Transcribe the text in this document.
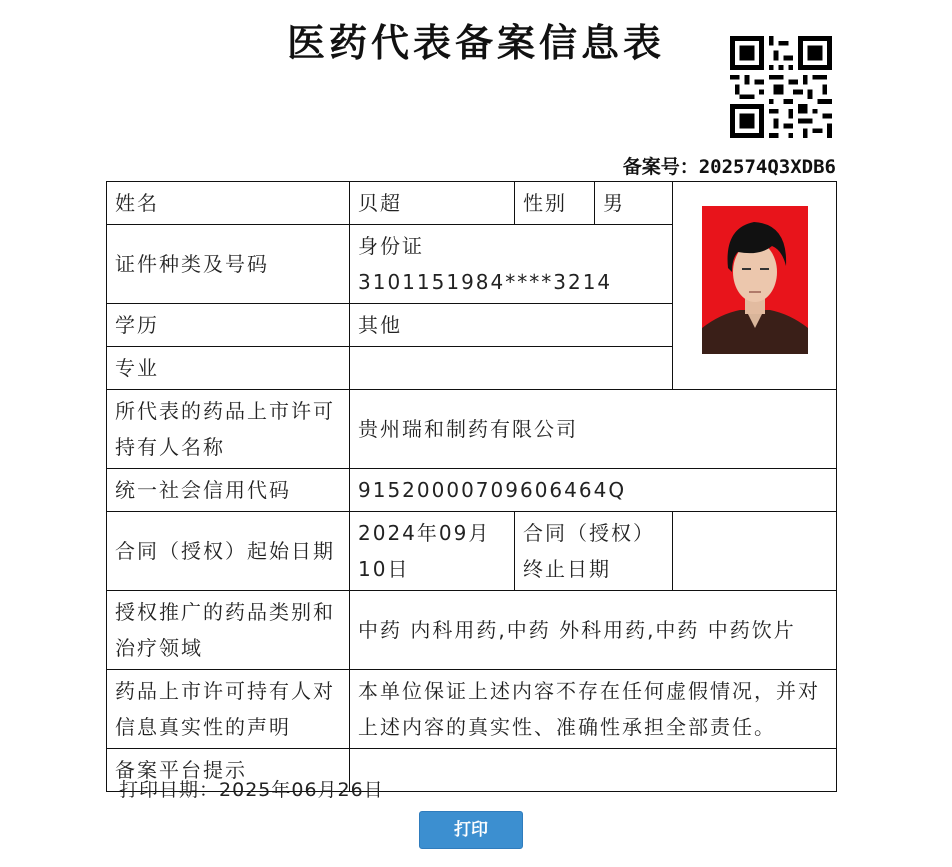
医药代表备案信息表
备案号：202574Q3XDB6
姓名	贝超	性别	男	
证件种类及号码	身份证 3101151984****3214			
学历	其他			
专业				
所代表的药品上市许可持有人名称	贵州瑞和制药有限公司			
统一社会信用代码	91520000709606464Q			
合同（授权）起始日期	2024年09月10日	合同（授权）终止日期		
授权推广的药品类别和治疗领域	中药 内科用药,中药 外科用药,中药 中药饮片			
药品上市许可持有人对信息真实性的声明	本单位保证上述内容不存在任何虚假情况，并对上述内容的真实性、准确性承担全部责任。			
备案平台提示				
打印日期：2025年06月26日
打印
